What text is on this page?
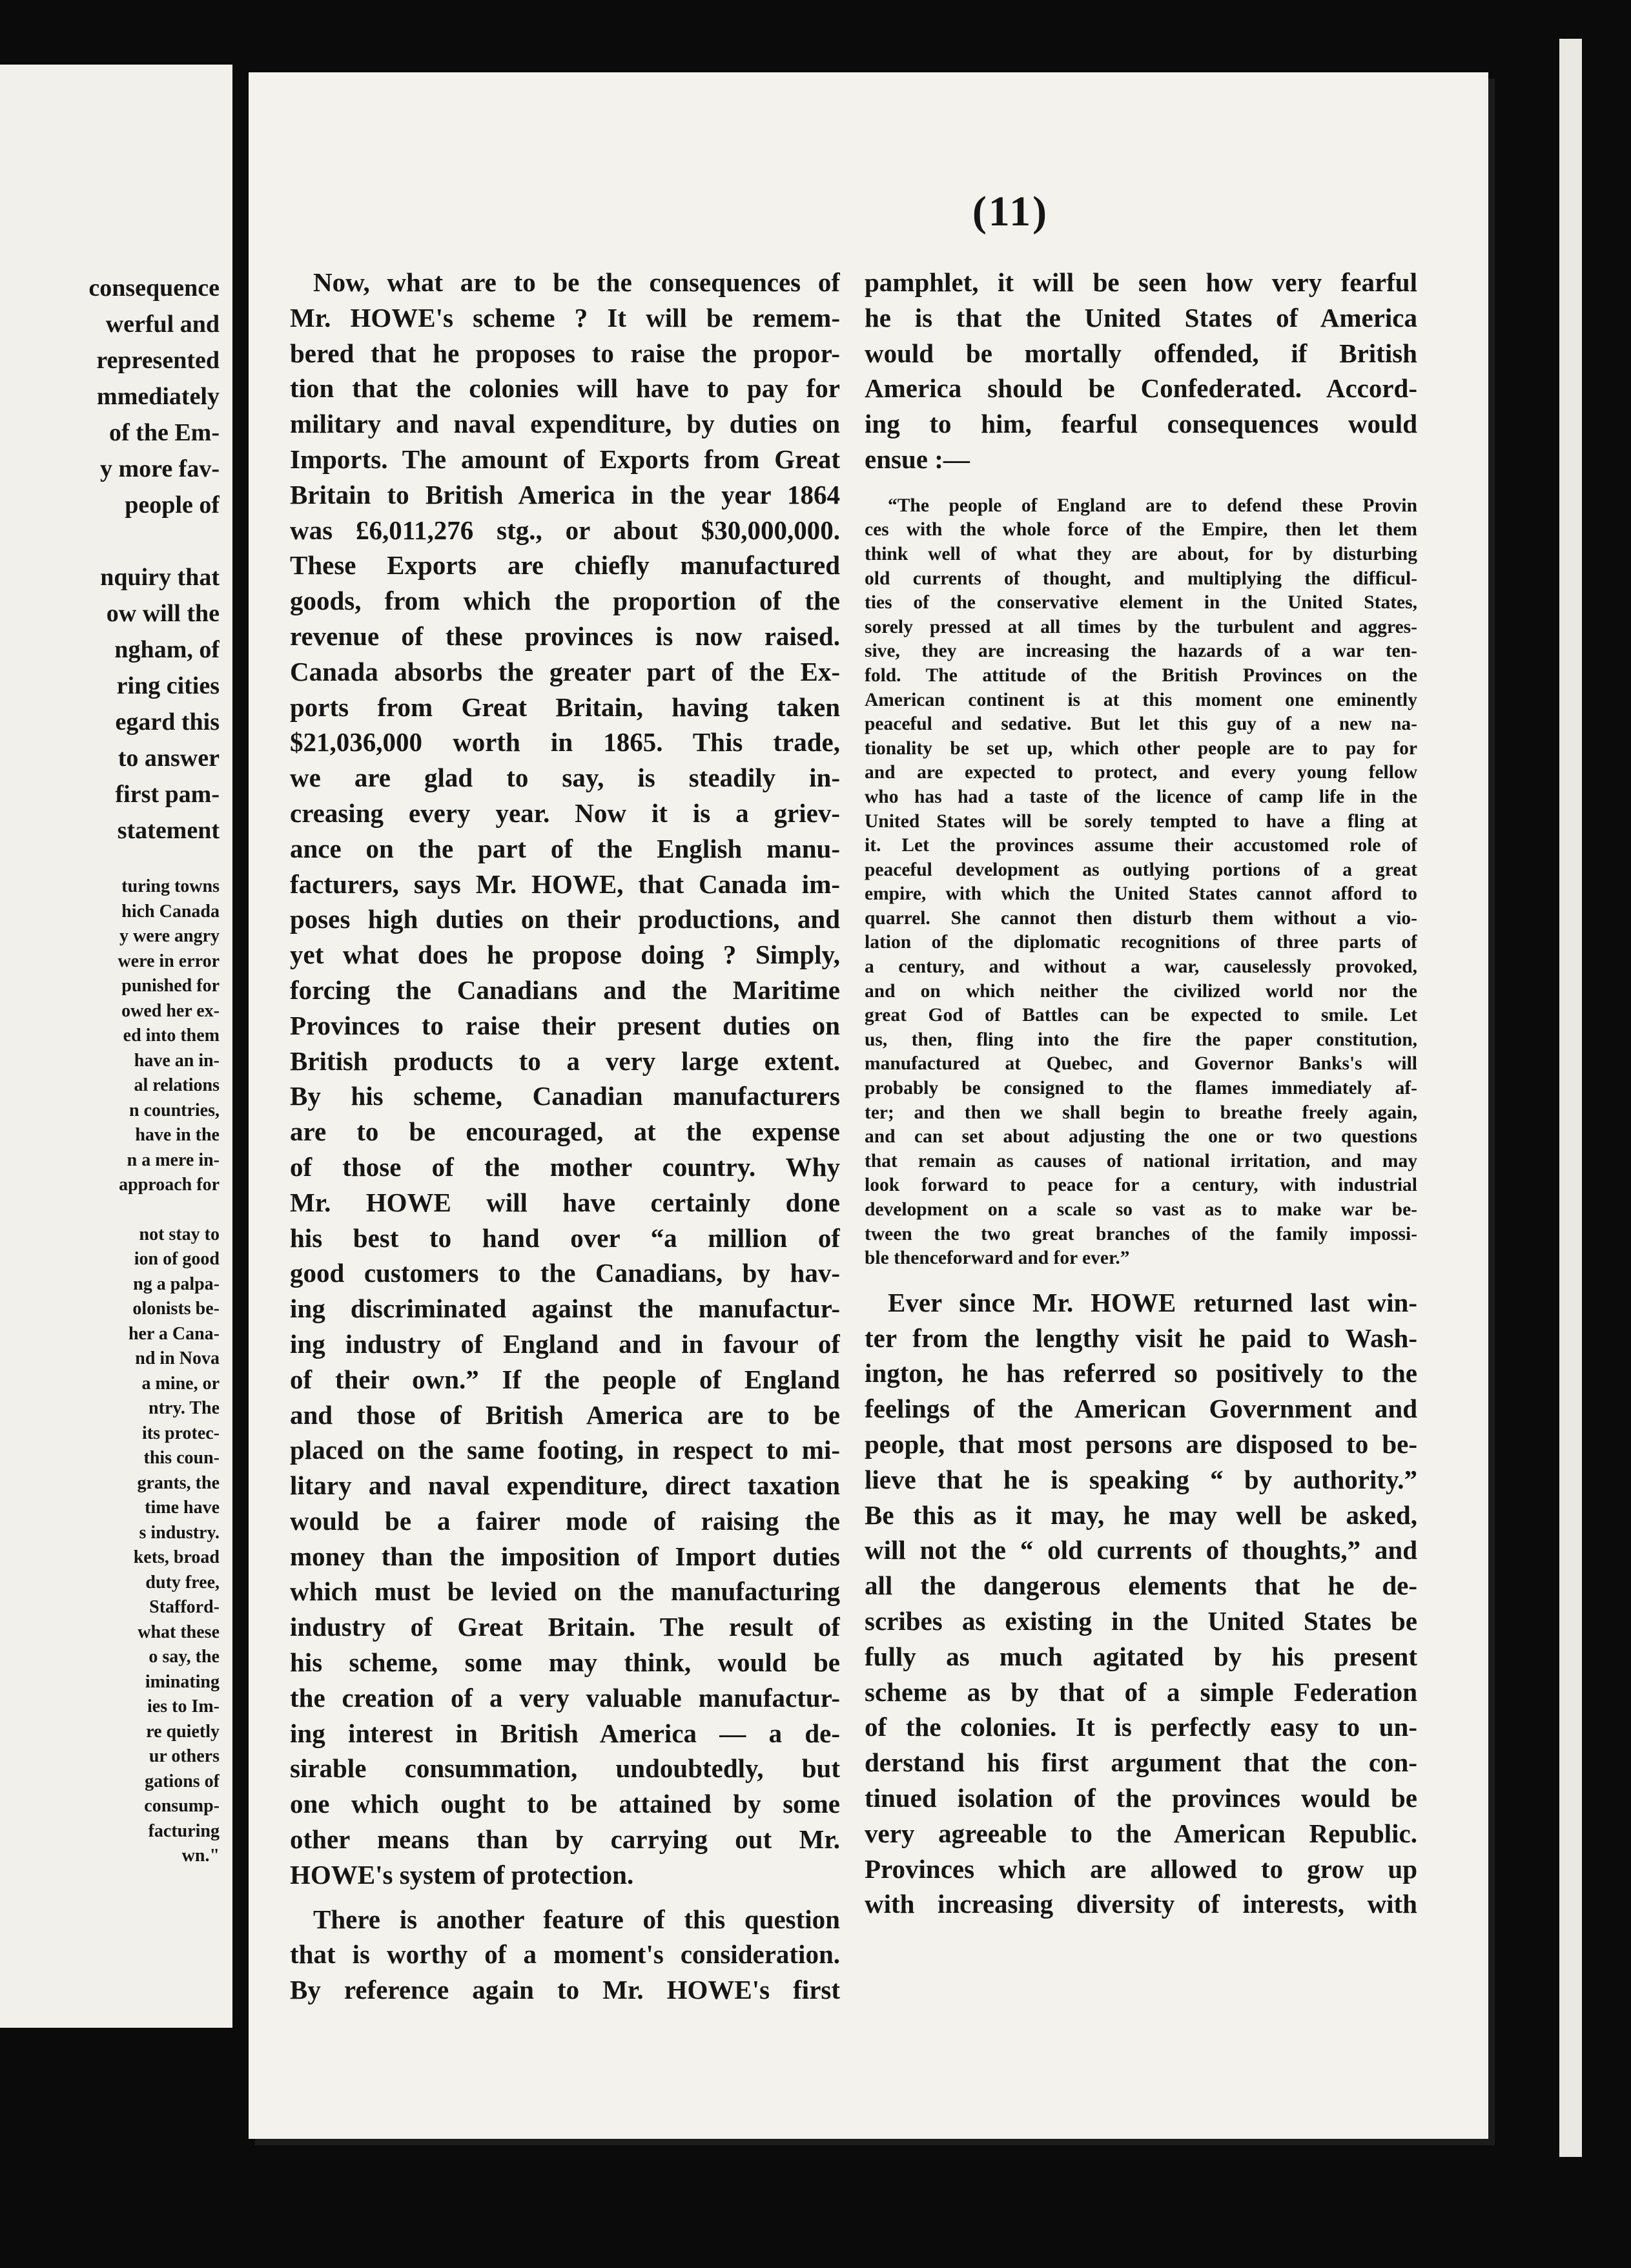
consequence
werful and
represented
mmediately
of the Em-
y more fav-
people of
nquiry that
ow will the
ngham, of
ring cities
egard this
to answer
first pam-
statement
turing towns
hich Canada
y were angry
were in error
punished for
owed her ex-
ed into them
have an in-
al relations
n countries,
have in the
n a mere in-
approach for
not stay to
ion of good
ng a palpa-
olonists be-
her a Cana-
nd in Nova
a mine, or
ntry. The
its protec-
this coun-
grants, the
time have
s industry.
kets, broad
duty free,
Stafford-
what these
o say, the
iminating
ies to Im-
re quietly
ur others
gations of
consump-
facturing
wn."
(11)
Now, what are to be the consequences of
Mr. HOWE's scheme ? It will be remem-
bered that he proposes to raise the propor-
tion that the colonies will have to pay for
military and naval expenditure, by duties on
Imports. The amount of Exports from Great
Britain to British America in the year 1864
was £6,011,276 stg., or about $30,000,000.
These Exports are chiefly manufactured
goods, from which the proportion of the
revenue of these provinces is now raised.
Canada absorbs the greater part of the Ex-
ports from Great Britain, having taken
$21,036,000 worth in 1865. This trade,
we are glad to say, is steadily in-
creasing every year. Now it is a griev-
ance on the part of the English manu-
facturers, says Mr. HOWE, that Canada im-
poses high duties on their productions, and
yet what does he propose doing ? Simply,
forcing the Canadians and the Maritime
Provinces to raise their present duties on
British products to a very large extent.
By his scheme, Canadian manufacturers
are to be encouraged, at the expense
of those of the mother country. Why
Mr. HOWE will have certainly done
his best to hand over “a million of
good customers to the Canadians, by hav-
ing discriminated against the manufactur-
ing industry of England and in favour of
of their own.” If the people of England
and those of British America are to be
placed on the same footing, in respect to mi-
litary and naval expenditure, direct taxation
would be a fairer mode of raising the
money than the imposition of Import duties
which must be levied on the manufacturing
industry of Great Britain. The result of
his scheme, some may think, would be
the creation of a very valuable manufactur-
ing interest in British America — a de-
sirable consummation, undoubtedly, but
one which ought to be attained by some
other means than by carrying out Mr.
HOWE's system of protection.
There is another feature of this question
that is worthy of a moment's consideration.
By reference again to Mr. HOWE's first
pamphlet, it will be seen how very fearful
he is that the United States of America
would be mortally offended, if British
America should be Confederated. Accord-
ing to him, fearful consequences would
ensue :—
“The people of England are to defend these Provin
ces with the whole force of the Empire, then let them
think well of what they are about, for by disturbing
old currents of thought, and multiplying the difficul-
ties of the conservative element in the United States,
sorely pressed at all times by the turbulent and aggres-
sive, they are increasing the hazards of a war ten-
fold. The attitude of the British Provinces on the
American continent is at this moment one eminently
peaceful and sedative. But let this guy of a new na-
tionality be set up, which other people are to pay for
and are expected to protect, and every young fellow
who has had a taste of the licence of camp life in the
United States will be sorely tempted to have a fling at
it. Let the provinces assume their accustomed role of
peaceful development as outlying portions of a great
empire, with which the United States cannot afford to
quarrel. She cannot then disturb them without a vio-
lation of the diplomatic recognitions of three parts of
a century, and without a war, causelessly provoked,
and on which neither the civilized world nor the
great God of Battles can be expected to smile. Let
us, then, fling into the fire the paper constitution,
manufactured at Quebec, and Governor Banks's will
probably be consigned to the flames immediately af-
ter; and then we shall begin to breathe freely again,
and can set about adjusting the one or two questions
that remain as causes of national irritation, and may
look forward to peace for a century, with industrial
development on a scale so vast as to make war be-
tween the two great branches of the family impossi-
ble thenceforward and for ever.”
Ever since Mr. HOWE returned last win-
ter from the lengthy visit he paid to Wash-
ington, he has referred so positively to the
feelings of the American Government and
people, that most persons are disposed to be-
lieve that he is speaking “ by authority.”
Be this as it may, he may well be asked,
will not the “ old currents of thoughts,” and
all the dangerous elements that he de-
scribes as existing in the United States be
fully as much agitated by his present
scheme as by that of a simple Federation
of the colonies. It is perfectly easy to un-
derstand his first argument that the con-
tinued isolation of the provinces would be
very agreeable to the American Republic.
Provinces which are allowed to grow up
with increasing diversity of interests, with
